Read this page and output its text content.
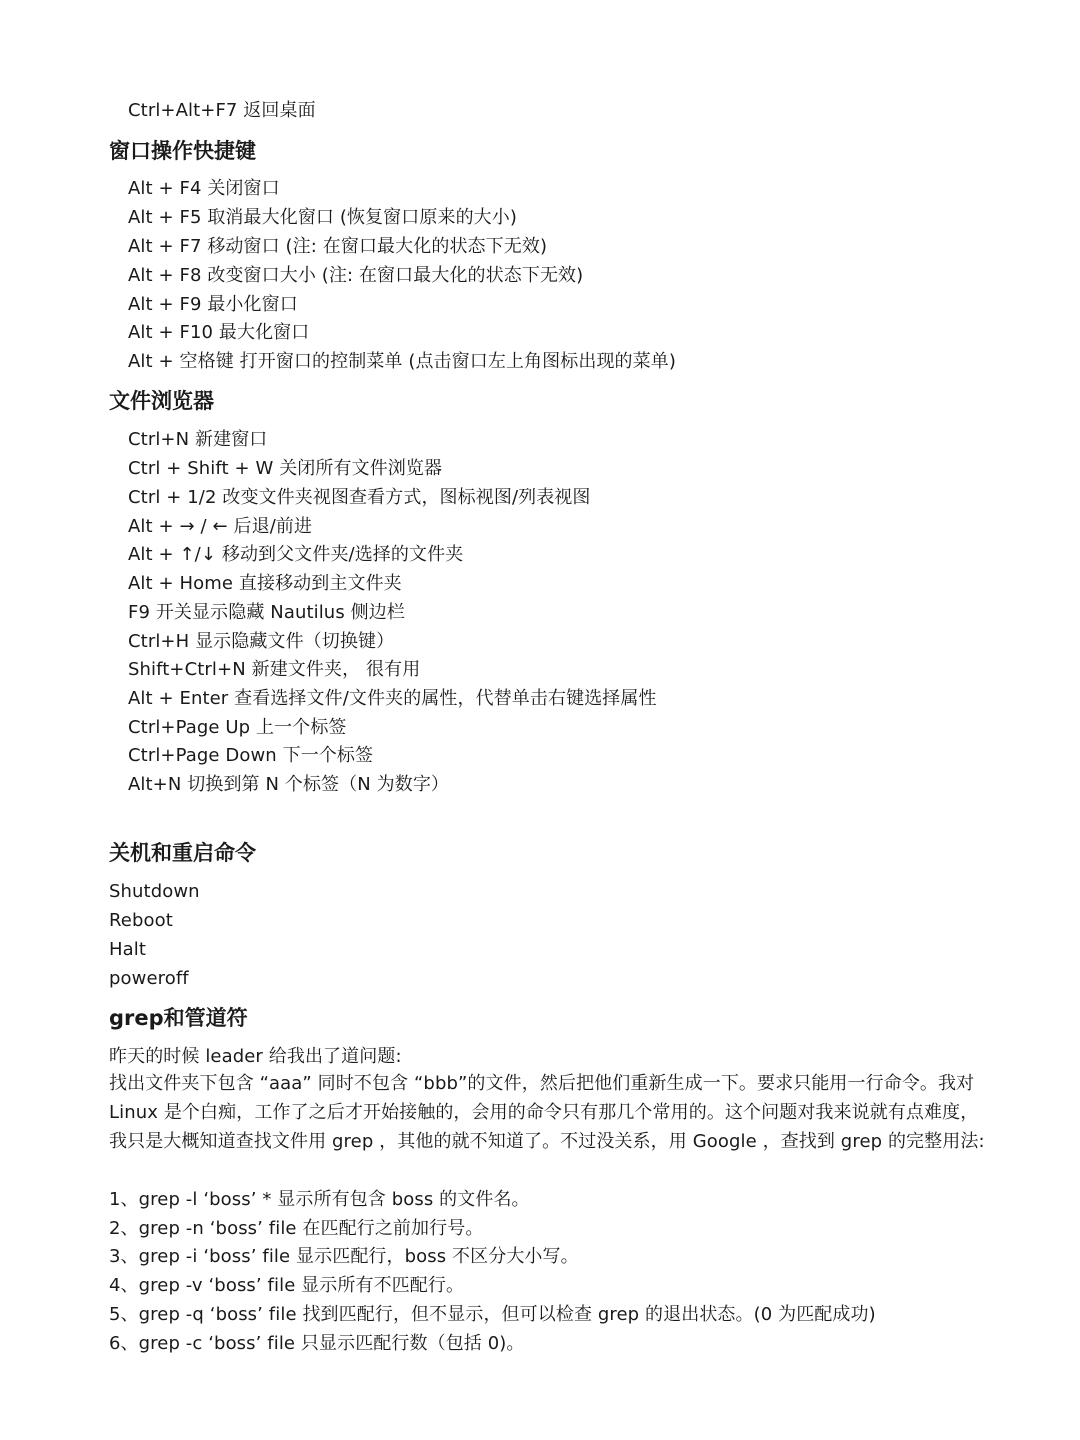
Ctrl+Alt+F7 返回桌面
窗口操作快捷键
Alt + F4 关闭窗口
Alt + F5 取消最大化窗口 (恢复窗口原来的大小)
Alt + F7 移动窗口 (注: 在窗口最大化的状态下无效)
Alt + F8 改变窗口大小 (注: 在窗口最大化的状态下无效)
Alt + F9 最小化窗口
Alt + F10 最大化窗口
Alt + 空格键 打开窗口的控制菜单 (点击窗口左上角图标出现的菜单)
文件浏览器
Ctrl+N 新建窗口
Ctrl + Shift + W 关闭所有文件浏览器
Ctrl + 1/2 改变文件夹视图查看方式，图标视图/列表视图
Alt + → / ← 后退/前进
Alt + ↑/↓ 移动到父文件夹/选择的文件夹
Alt + Home 直接移动到主文件夹
F9 开关显示隐藏 Nautilus 侧边栏
Ctrl+H 显示隐藏文件（切换键）
Shift+Ctrl+N 新建文件夹， 很有用
Alt + Enter 查看选择文件/文件夹的属性，代替单击右键选择属性
Ctrl+Page Up 上一个标签
Ctrl+Page Down 下一个标签
Alt+N 切换到第 N 个标签（N 为数字）
关机和重启命令
Shutdown
Reboot
Halt
poweroff
grep和管道符
昨天的时候 leader 给我出了道问题:
找出文件夹下包含 “aaa” 同时不包含 “bbb”的文件，然后把他们重新生成一下。要求只能用一行命令。我对 Linux 是个白痴，工作了之后才开始接触的，会用的命令只有那几个常用的。这个问题对我来说就有点难度，我只是大概知道查找文件用 grep ，其他的就不知道了。不过没关系，用 Google ，查找到 grep 的完整用法:
1、grep -l ‘boss’ * 显示所有包含 boss 的文件名。
2、grep -n ‘boss’ file 在匹配行之前加行号。
3、grep -i ‘boss’ file 显示匹配行，boss 不区分大小写。
4、grep -v ‘boss’ file 显示所有不匹配行。
5、grep -q ‘boss’ file 找到匹配行，但不显示，但可以检查 grep 的退出状态。(0 为匹配成功)
6、grep -c ‘boss’ file 只显示匹配行数（包括 0)。
